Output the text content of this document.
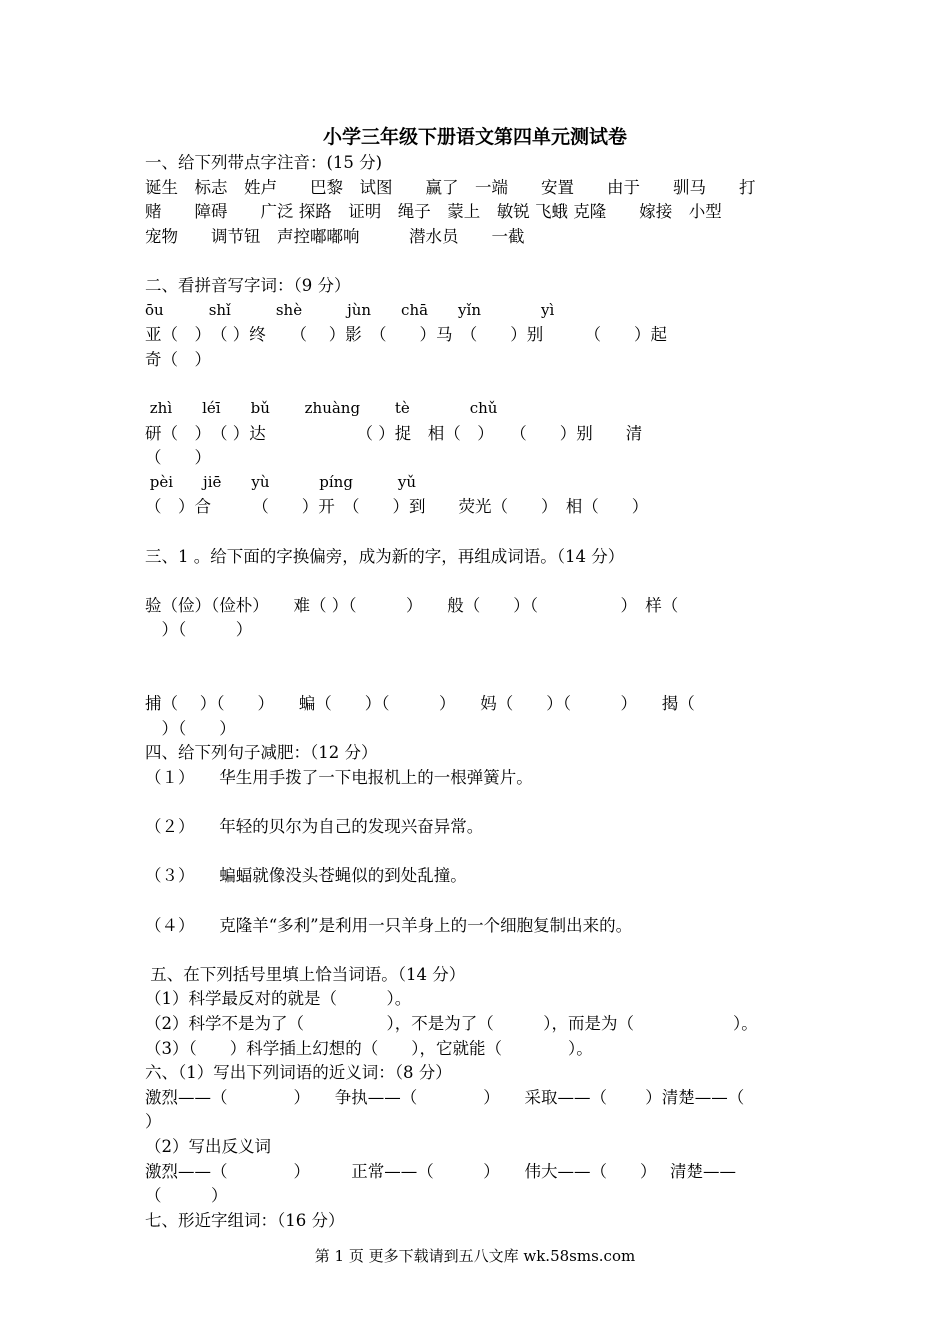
小学三年级下册语文第四单元测试卷
一、给下列带点字注音：(15 分)
诞生　标志　姓卢　　巴黎　试图　　赢了　一端　　安置　　由于　　驯马　　打
赌　　障碍　　广泛 探路　证明　绳子　蒙上　敏锐 飞蛾 克隆　　嫁接　小型
宠物　　调节钮　声控嘟嘟响　　　潜水员　　一截
二、看拼音写字词：（9 分）
ōu　　　shǐ　　　shè　　　jùn　　chā　　yǐn　　　　yì
亚（　）　（ ）终　　（　 ）影　（　　）马　（　　）别　　　（　　）起
奇（　）
zhì　　léī　　bǔ　　 zhuàng　　 tè　　　　chǔ
研（　）　（ ）达　　　　　　（ ）捉　相（　）　　（　　）别　　清
（　　）
pèi　　jiē　　yù　　　 píng　　　yǔ
（　）合　　　（　　）开　（　　）到　　荧光（　　）　相（　　）
三、1 。给下面的字换偏旁，成为新的字，再组成词语。（14 分）
验（俭）（俭朴）　　难（ ）（　　　）　　般（　　）（　　　　　）　样（
　）（　　　）
捕（　 ）（　　）　　蝙（　　）（　　　）　　妈（　　）（　　　）　　揭（
　）（　　）
四、给下列句子减肥：（12 分）
（１）　　华生用手拨了一下电报机上的一根弹簧片。
（２）　　年轻的贝尔为自己的发现兴奋异常。
（３）　　蝙蝠就像没头苍蝇似的到处乱撞。
（４）　　克隆羊“多利”是利用一只羊身上的一个细胞复制出来的。
五、在下列括号里填上恰当词语。（14 分）
（1）科学最反对的就是（　　　）。
（2）科学不是为了（　　　　　），不是为了（　　　），而是为（　　　　　　）。
（3）（　　）科学插上幻想的（　　），它就能（　　　　）。
六、（1）写出下列词语的近义词：（8 分）
激烈——（　　　　）　　争执——（　　　　）　　采取——（　　 ）清楚——（
）
（2）写出反义词
激烈——（　　　　）　　　正常——（　　　）　　伟大——（　　）　 清楚——
（　　　）
七、形近字组词：（16 分）
第 1 页 更多下载请到五八文库 wk.58sms.com
